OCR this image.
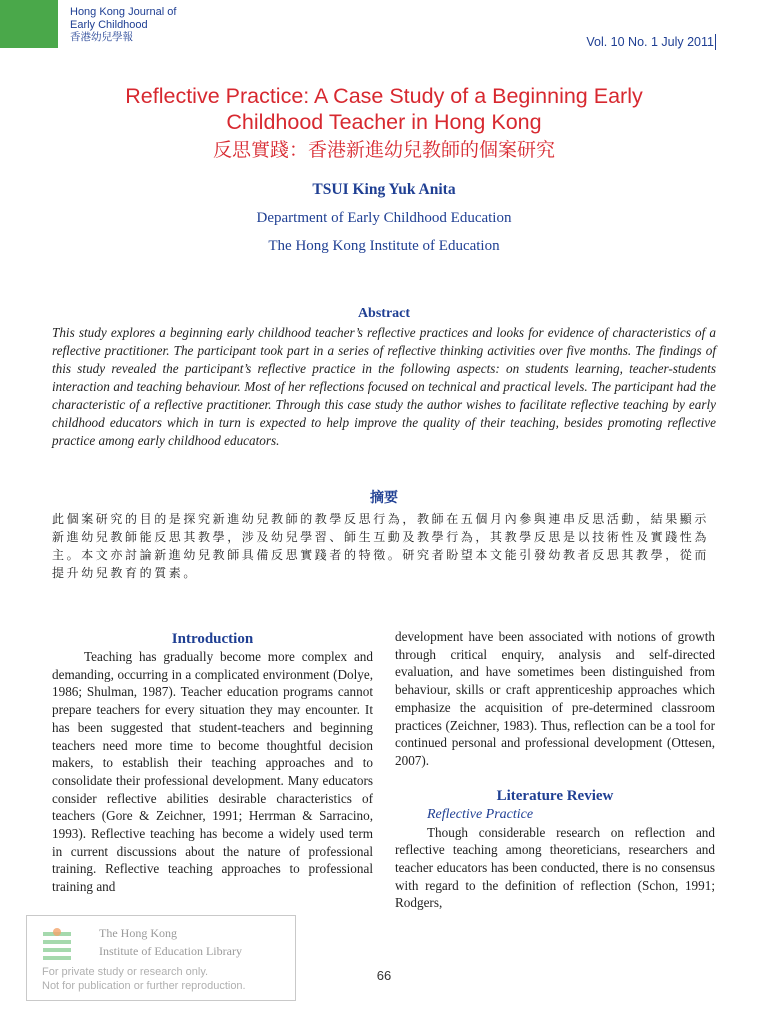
Hong Kong Journal of
Early Childhood
香港幼兒學報	Vol. 10 No. 1 July 2011
Reflective Practice: A Case Study of a Beginning Early
Childhood Teacher in Hong Kong
反思實踐：香港新進幼兒教師的個案研究
TSUI King Yuk Anita
Department of Early Childhood Education
The Hong Kong Institute of Education
Abstract

This study explores a beginning early childhood teacher’s reflective practices and looks for evidence of characteristics of a reflective practitioner. The participant took part in a series of reflective thinking activities over five months. The findings of this study revealed the participant’s reflective practice in the following aspects: on students learning, teacher-students interaction and teaching behaviour. Most of her reflections focused on technical and practical levels. The participant had the characteristic of a reflective practitioner. Through this case study the author wishes to facilitate reflective teaching by early childhood educators which in turn is expected to help improve the quality of their teaching, besides promoting reflective practice among early childhood educators.

摘要

此個案研究的目的是探究新進幼兒教師的教學反思行為，教師在五個月內參與連串反思活動，結果顯示新進幼兒教師能反思其教學，涉及幼兒學習、師生互動及教學行為，其教學反思是以技術性及實踐性為主。本文亦討論新進幼兒教師具備反思實踐者的特徵。研究者盼望本文能引發幼教者反思其教學，從而提升幼兒教育的質素。

Introduction

Teaching has gradually become more complex and demanding, occurring in a complicated environment (Dolye, 1986; Shulman, 1987). Teacher education programs cannot prepare teachers for every situation they may encounter. It has been suggested that student-teachers and beginning teachers need more time to become thoughtful decision makers, to establish their teaching approaches and to consolidate their professional development. Many educators consider reflective abilities desirable characteristics of teachers (Gore & Zeichner, 1991; Herrman & Sarracino, 1993). Reflective teaching has become a widely used term in current discussions about the nature of professional training. Reflective teaching approaches to professional training and

development have been associated with notions of growth through critical enquiry, analysis and self-directed evaluation, and have sometimes been distinguished from behaviour, skills or craft apprenticeship approaches which emphasize the acquisition of pre-determined classroom practices (Zeichner, 1983). Thus, reflection can be a tool for continued personal and professional development (Ottesen, 2007).

Literature Review
Reflective Practice

Though considerable research on reflection and reflective teaching among theoreticians, researchers and teacher educators has been conducted, there is no consensus with regard to the definition of reflection (Schon, 1991; Rodgers,

The Hong Kong
Institute of Education Library
For private study or research only.
Not for publication or further reproduction.
66
